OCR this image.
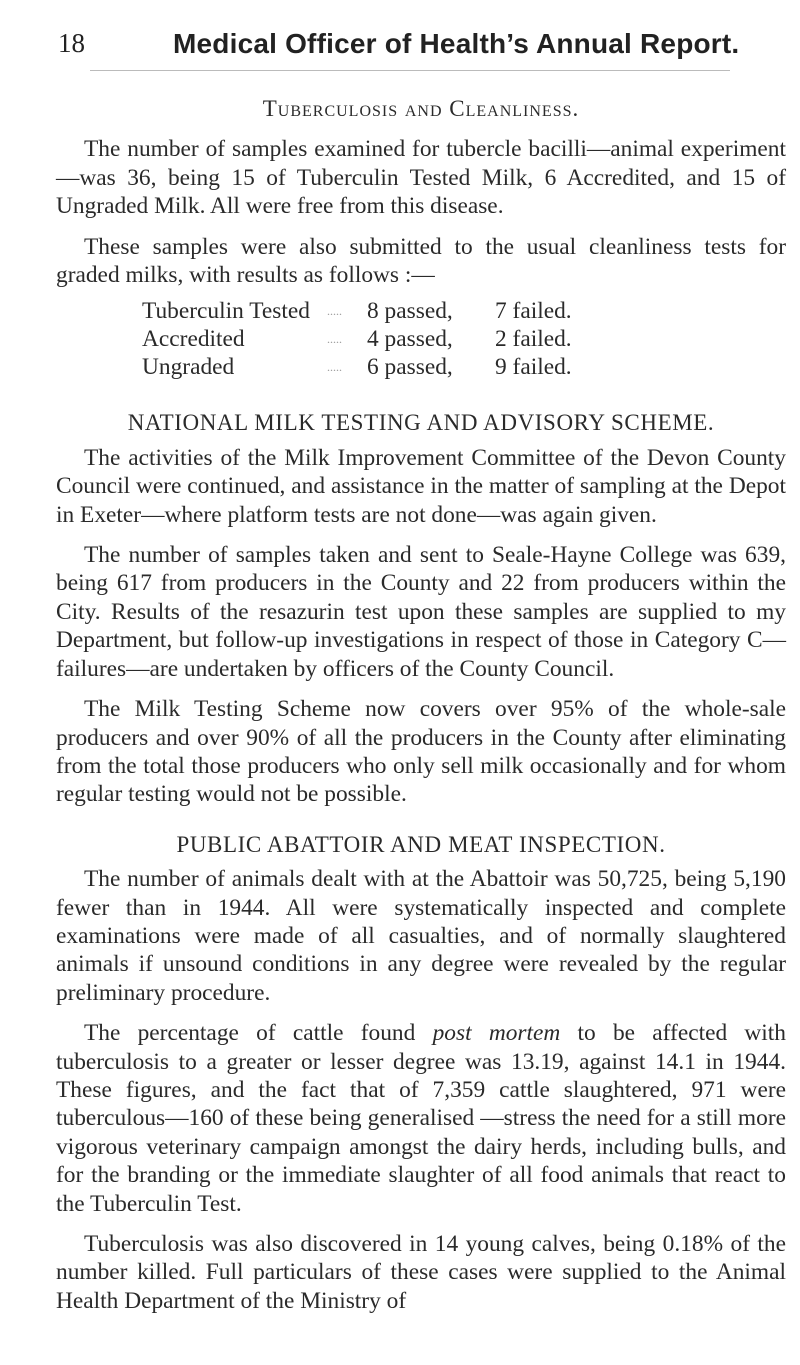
18	Medical Officer of Health’s Annual Report.
Tuberculosis and Cleanliness.

The number of samples examined for tubercle bacilli—animal experiment—was 36, being 15 of Tuberculin Tested Milk, 6 Accredited, and 15 of Ungraded Milk. All were free from this disease.

These samples were also submitted to the usual cleanliness tests for graded milks, with results as follows :—

Tuberculin Tested	.....	8 passed,	7 failed.
Accredited	.....	4 passed,	2 failed.
Ungraded	.....	6 passed,	9 failed.
NATIONAL MILK TESTING AND ADVISORY SCHEME.

The activities of the Milk Improvement Committee of the Devon County Council were continued, and assistance in the matter of sampling at the Depot in Exeter—where platform tests are not done—was again given.

The number of samples taken and sent to Seale-Hayne College was 639, being 617 from producers in the County and 22 from producers within the City. Results of the resazurin test upon these samples are supplied to my Department, but follow-up investigations in respect of those in Category C—failures—are undertaken by officers of the County Council.

The Milk Testing Scheme now covers over 95% of the whole-sale producers and over 90% of all the producers in the County after eliminating from the total those producers who only sell milk occasionally and for whom regular testing would not be possible.

PUBLIC ABATTOIR AND MEAT INSPECTION.

The number of animals dealt with at the Abattoir was 50,725, being 5,190 fewer than in 1944. All were systematically inspected and complete examinations were made of all casualties, and of normally slaughtered animals if unsound conditions in any degree were revealed by the regular preliminary procedure.

The percentage of cattle found post mortem to be affected with tuberculosis to a greater or lesser degree was 13.19, against 14.1 in 1944. These figures, and the fact that of 7,359 cattle slaughtered, 971 were tuberculous—160 of these being generalised —stress the need for a still more vigorous veterinary campaign amongst the dairy herds, including bulls, and for the branding or the immediate slaughter of all food animals that react to the Tuberculin Test.

Tuberculosis was also discovered in 14 young calves, being 0.18% of the number killed. Full particulars of these cases were supplied to the Animal Health Department of the Ministry of
